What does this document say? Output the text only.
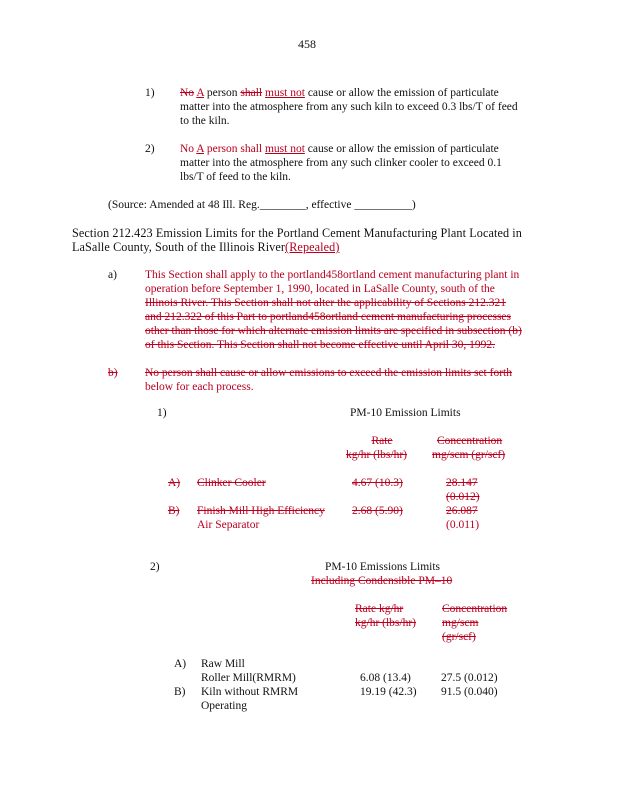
458
1) No A person shall must not cause or allow the emission of particulate
matter into the atmosphere from any such kiln to exceed 0.3 lbs/T of feed
to the kiln.
2) No A person shall must not cause or allow the emission of particulate
matter into the atmosphere from any such clinker cooler to exceed 0.1
lbs/T of feed to the kiln.
(Source: Amended at 48 Ill. Reg.________, effective __________)
Section 212.423 Emission Limits for the Portland Cement Manufacturing Plant Located in
LaSalle County, South of the Illinois River(Repealed)
a) This Section shall apply to the portland458ortland cement manufacturing plant in
operation before September 1, 1990, located in LaSalle County, south of the
Illinois River. This Section shall not alter the applicability of Sections 212.321
and 212.322 of this Part to portland458ortland cement manufacturing processes
other than those for which alternate emission limits are specified in subsection (b)
of this Section. This Section shall not become effective until April 30, 1992.
b) No person shall cause or allow emissions to exceed the emission limits set forth
below for each process.
1)	PM-10 Emission Limits
Rate
kg/hr (lbs/hr)
Concentration
mg/scm (gr/scf)
A) Clinker Cooler	4.67 (10.3)	28.147
(0.012)
B) Finish Mill High Efficiency
Air Separator
2.68 (5.90)	26.087
(0.011)
2)	PM-10 Emissions Limits
Including Condensible PM–10
Rate kg/hr
kg/hr (lbs/hr)
Concentration
mg/scm
(gr/scf)
A) Raw Mill
Roller Mill(RMRM)	6.08 (13.4)	27.5 (0.012)
B) Kiln without RMRM
Operating
19.19 (42.3) 91.5 (0.040)
